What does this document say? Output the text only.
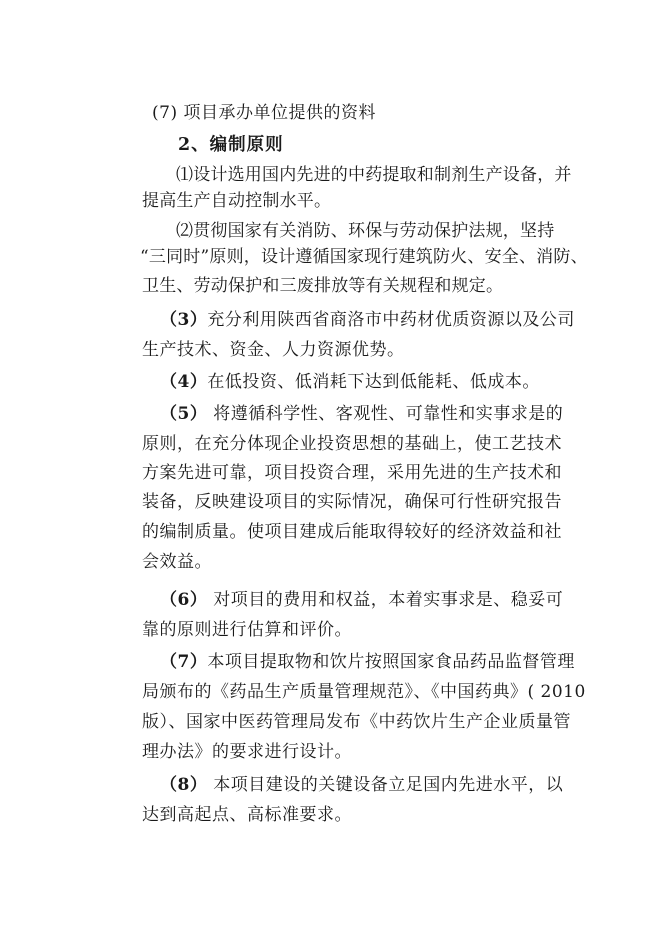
(7) 项目承办单位提供的资料
2、编制原则
⑴设计选用国内先进的中药提取和制剂生产设备，并
提高生产自动控制水平。
⑵贯彻国家有关消防、环保与劳动保护法规，坚持
“三同时”原则，设计遵循国家现行建筑防火、安全、消防、
卫生、劳动保护和三废排放等有关规程和规定。
（3）充分利用陕西省商洛市中药材优质资源以及公司
生产技术、资金、人力资源优势。
（4）在低投资、低消耗下达到低能耗、低成本。
（5） 将遵循科学性、客观性、可靠性和实事求是的
原则，在充分体现企业投资思想的基础上，使工艺技术
方案先进可靠，项目投资合理，采用先进的生产技术和
装备，反映建设项目的实际情况，确保可行性研究报告
的编制质量。使项目建成后能取得较好的经济效益和社
会效益。
（6） 对项目的费用和权益，本着实事求是、稳妥可
靠的原则进行估算和评价。
（7）本项目提取物和饮片按照国家食品药品监督管理
局颁布的《药品生产质量管理规范》、《中国药典》( 2010
版）、国家中医药管理局发布《中药饮片生产企业质量管
理办法》的要求进行设计。
（8） 本项目建设的关键设备立足国内先进水平，以
达到高起点、高标准要求。
